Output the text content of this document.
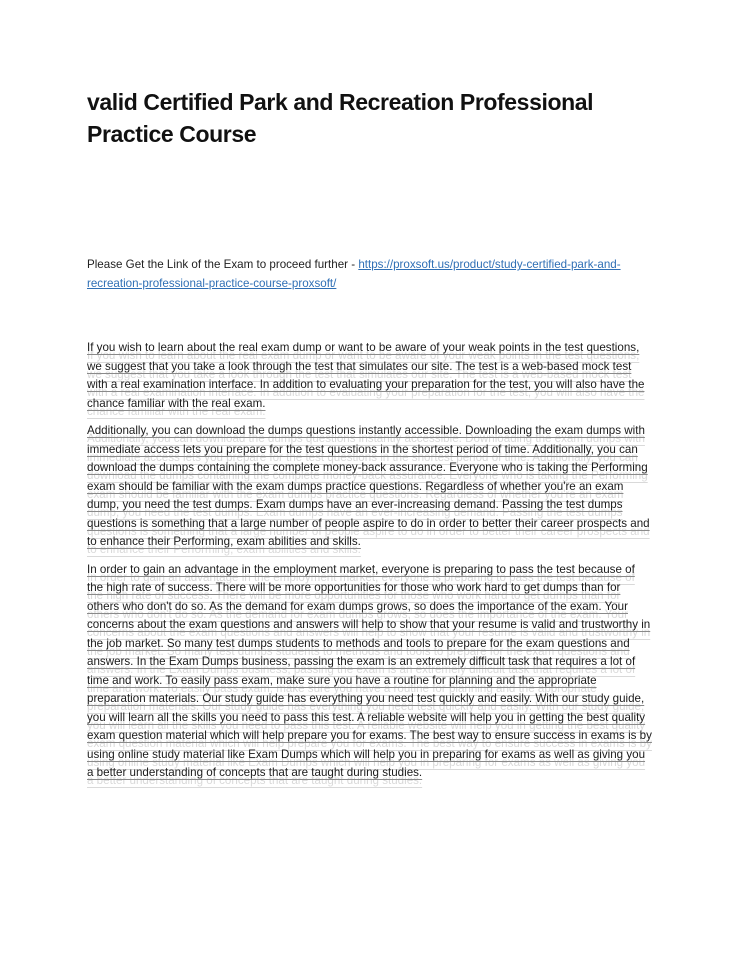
valid Certified Park and Recreation Professional Practice Course

Please Get the Link of the Exam to proceed further - https://proxsoft.us/product/study-certified-park-and-recreation-professional-practice-course-proxsoft/

If you wish to learn about the real exam dump or want to be aware of your weak points in the test questions, we suggest that you take a look through the test that simulates our site. The test is a web-based mock test with a real examination interface. In addition to evaluating your preparation for the test, you will also have the chance familiar with the real exam.

Additionally, you can download the dumps questions instantly accessible. Downloading the exam dumps with immediate access lets you prepare for the test questions in the shortest period of time. Additionally, you can download the dumps containing the complete money-back assurance. Everyone who is taking the Performing exam should be familiar with the exam dumps practice questions. Regardless of whether you're an exam dump, you need the test dumps. Exam dumps have an ever-increasing demand. Passing the test dumps questions is something that a large number of people aspire to do in order to better their career prospects and to enhance their Performing, exam abilities and skills.

In order to gain an advantage in the employment market, everyone is preparing to pass the test because of the high rate of success. There will be more opportunities for those who work hard to get dumps than for others who don't do so. As the demand for exam dumps grows, so does the importance of the exam. Your concerns about the exam questions and answers will help to show that your resume is valid and trustworthy in the job market. So many test dumps students to methods and tools to prepare for the exam questions and answers. In the Exam Dumps business, passing the exam is an extremely difficult task that requires a lot of time and work. To easily pass exam, make sure you have a routine for planning and the appropriate preparation materials. Our study guide has everything you need test quickly and easily. With our study guide, you will learn all the skills you need to pass this test. A reliable website will help you in getting the best quality exam question material which will help prepare you for exams. The best way to ensure success in exams is by using online study material like Exam Dumps which will help you in preparing for exams as well as giving you a better understanding of concepts that are taught during studies.
